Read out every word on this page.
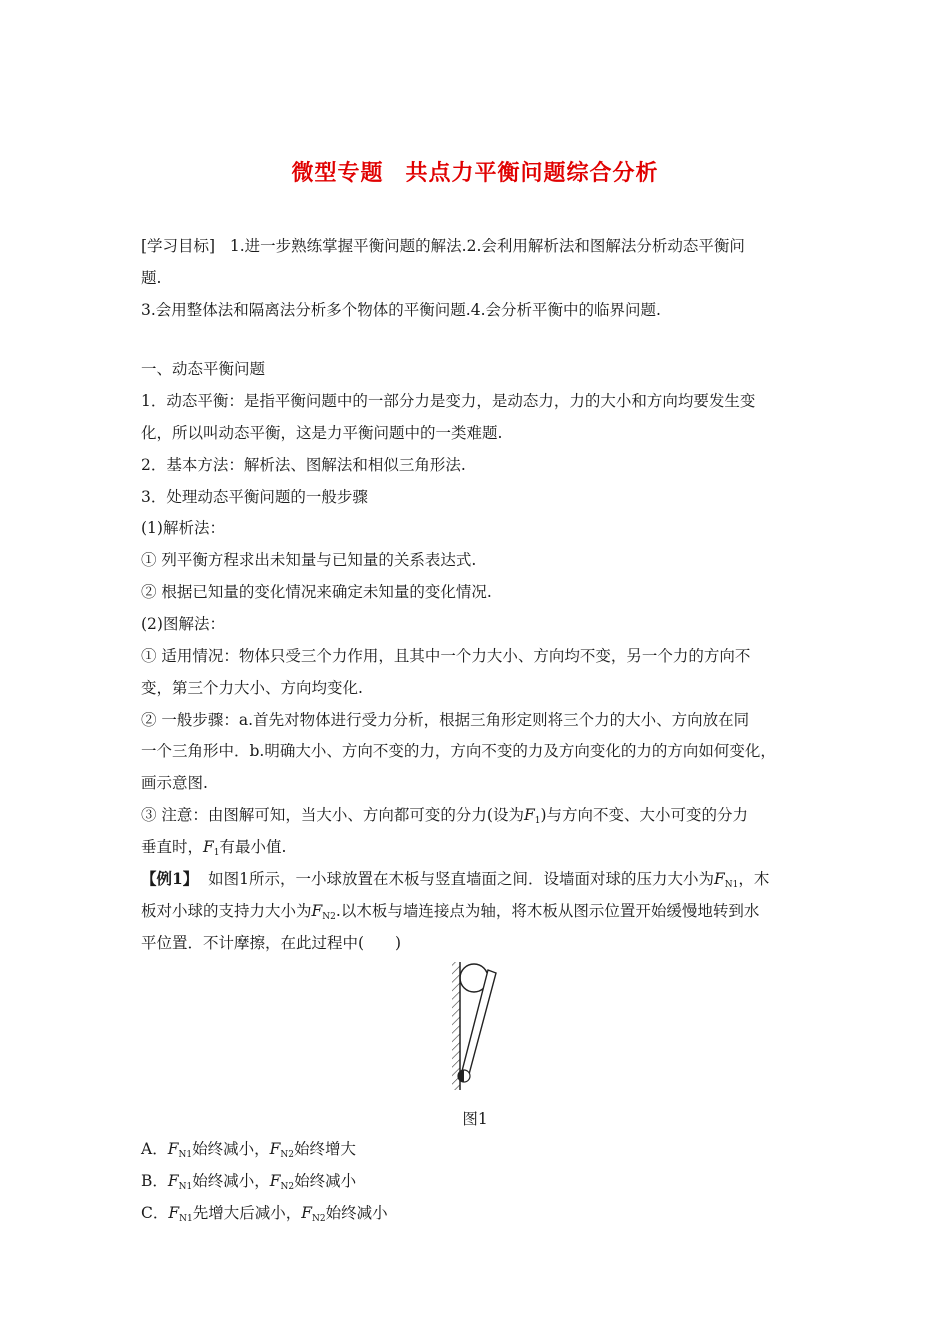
微型专题 共点力平衡问题综合分析
[学习目标] 1.进一步熟练掌握平衡问题的解法.2.会利用解析法和图解法分析动态平衡问
题.
3.会用整体法和隔离法分析多个物体的平衡问题.4.会分析平衡中的临界问题.
一、动态平衡问题
1．动态平衡：是指平衡问题中的一部分力是变力，是动态力，力的大小和方向均要发生变
化，所以叫动态平衡，这是力平衡问题中的一类难题.
2．基本方法：解析法、图解法和相似三角形法.
3．处理动态平衡问题的一般步骤
(1)解析法：
① 列平衡方程求出未知量与已知量的关系表达式.
② 根据已知量的变化情况来确定未知量的变化情况.
(2)图解法：
① 适用情况：物体只受三个力作用，且其中一个力大小、方向均不变，另一个力的方向不
变，第三个力大小、方向均变化.
② 一般步骤：a.首先对物体进行受力分析，根据三角形定则将三个力的大小、方向放在同
一个三角形中．b.明确大小、方向不变的力，方向不变的力及方向变化的力的方向如何变化，
画示意图.
③ 注意：由图解可知，当大小、方向都可变的分力(设为$F_1$)与方向不变、大小可变的分力
垂直时，$F_1$有最小值.
【例1】 如图1所示，一小球放置在木板与竖直墙面之间．设墙面对球的压力大小为$F_{N1}$，木
板对小球的支持力大小为$F_{N2}$.以木板与墙连接点为轴，将木板从图示位置开始缓慢地转到水
平位置．不计摩擦，在此过程中(　　)
图1
A．$F_{N1}$始终减小，$F_{N2}$始终增大
B．$F_{N1}$始终减小，$F_{N2}$始终减小
C．$F_{N1}$先增大后减小，$F_{N2}$始终减小
